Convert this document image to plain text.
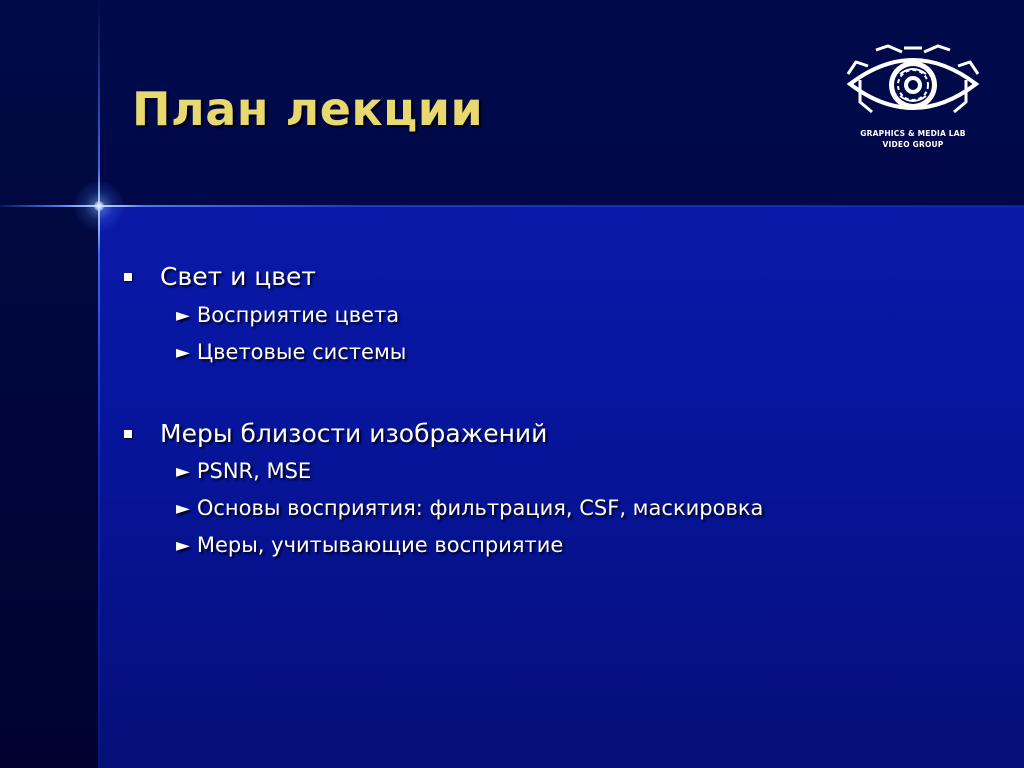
План лекции	GRAPHICS & MEDIA LAB
VIDEO GROUP
Свет и цвет
► Восприятие цвета
► Цветовые системы
Меры близости изображений
► PSNR, MSE
► Основы восприятия: фильтрация, CSF, маскировка
► Меры, учитывающие восприятие
